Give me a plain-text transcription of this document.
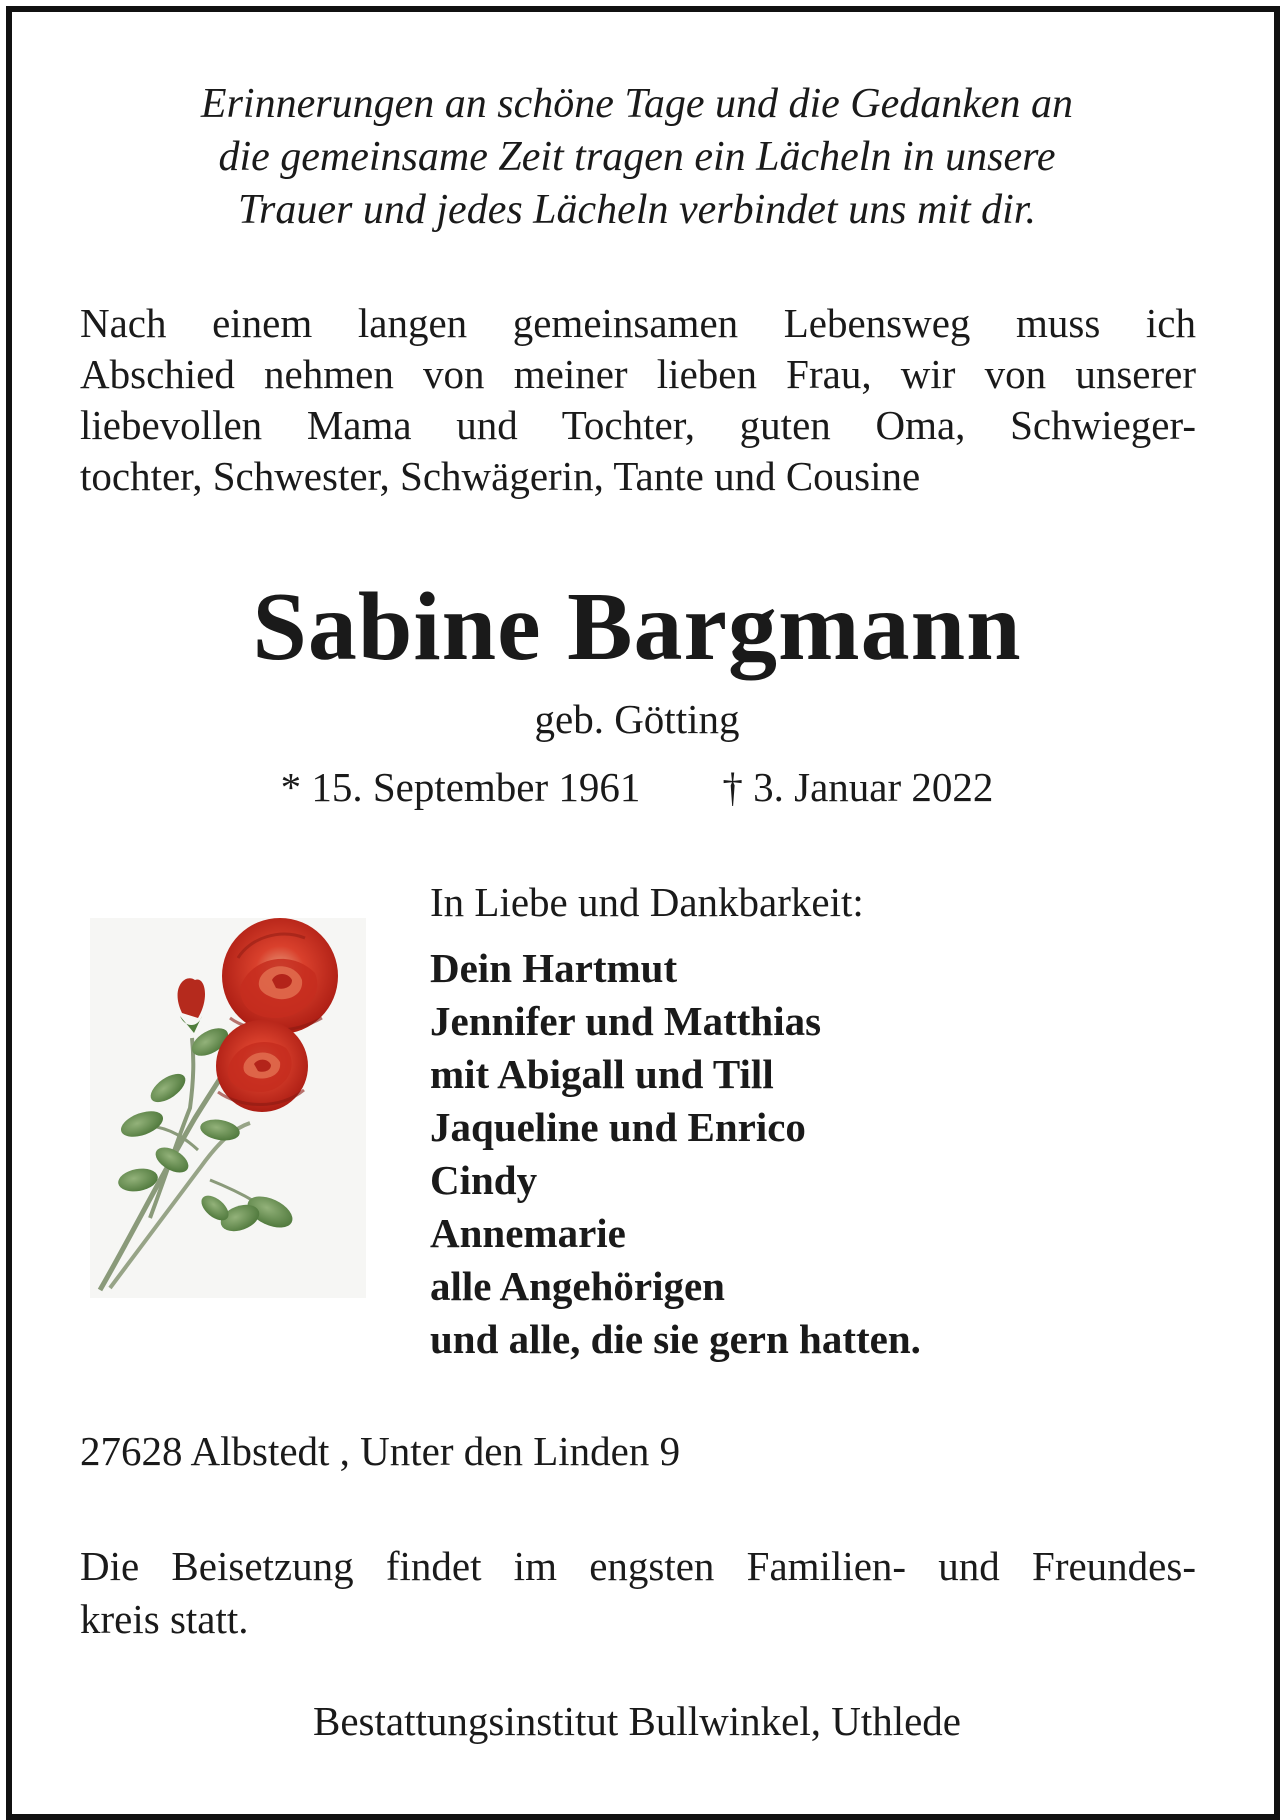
Erinnerungen an schöne Tage und die Gedanken an
die gemeinsame Zeit tragen ein Lächeln in unsere
Trauer und jedes Lächeln verbindet uns mit dir.
Nach einem langen gemeinsamen Lebensweg muss ich
Abschied nehmen von meiner lieben Frau, wir von unserer
liebevollen Mama und Tochter, guten Oma, Schwieger-
tochter, Schwester, Schwägerin, Tante und Cousine
Sabine Bargmann
geb. Götting
* 15. September 1961 † 3. Januar 2022
In Liebe und Dankbarkeit:
Dein Hartmut
Jennifer und Matthias
mit Abigall und Till
Jaqueline und Enrico
Cindy
Annemarie
alle Angehörigen
und alle, die sie gern hatten.
27628 Albstedt , Unter den Linden 9
Die Beisetzung findet im engsten Familien- und Freundes-
kreis statt.
Bestattungsinstitut Bullwinkel, Uthlede
